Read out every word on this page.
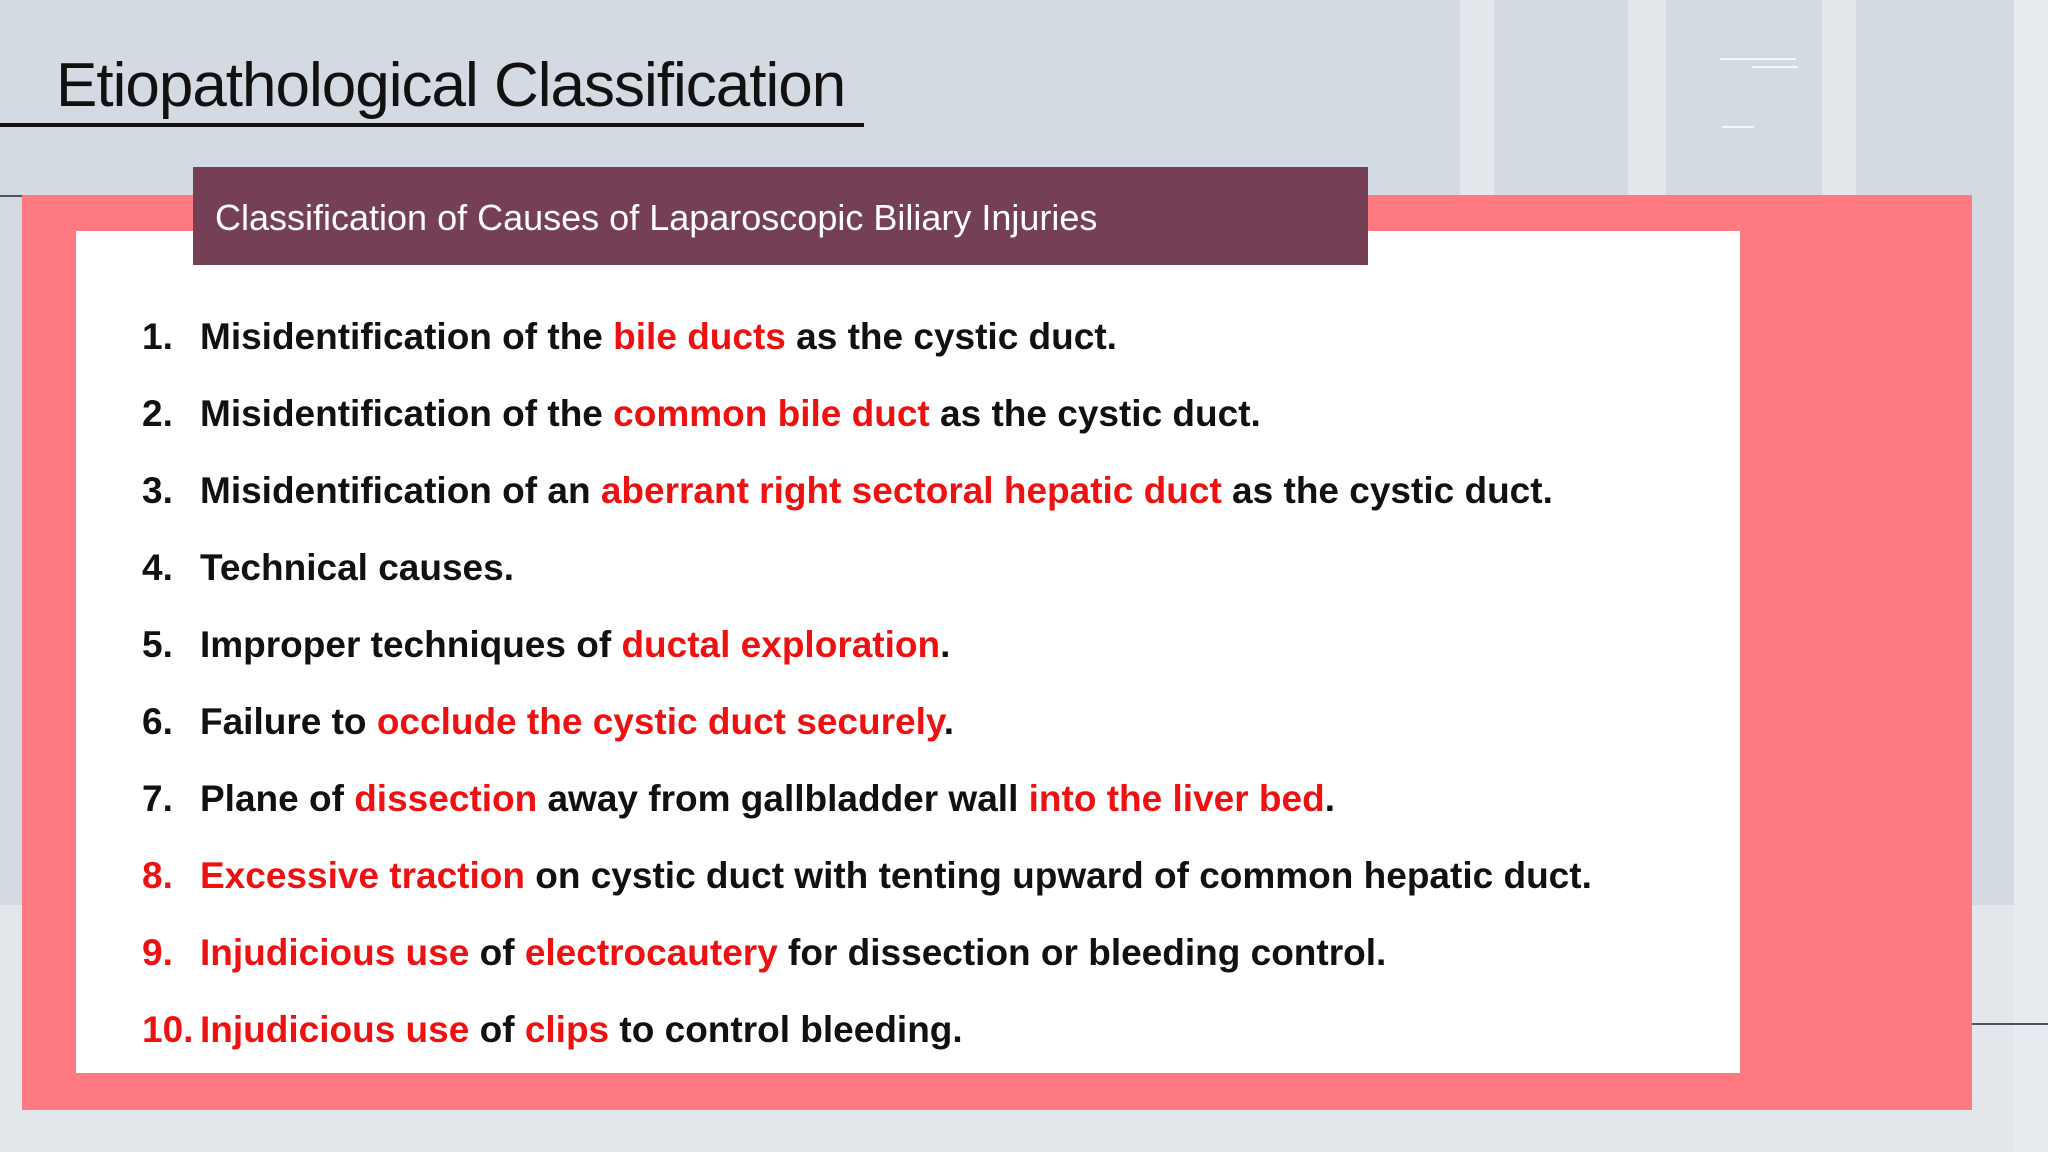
Etiopathological Classification
Classification of Causes of Laparoscopic Biliary Injuries
1. Misidentification of the bile ducts as the cystic duct.
2. Misidentification of the common bile duct as the cystic duct.
3. Misidentification of an aberrant right sectoral hepatic duct as the cystic duct.
4. Technical causes.
5. Improper techniques of ductal exploration.
6. Failure to occlude the cystic duct securely.
7. Plane of dissection away from gallbladder wall into the liver bed.
8. Excessive traction on cystic duct with tenting upward of common hepatic duct.
9. Injudicious use of electrocautery for dissection or bleeding control.
10. Injudicious use of clips to control bleeding.
